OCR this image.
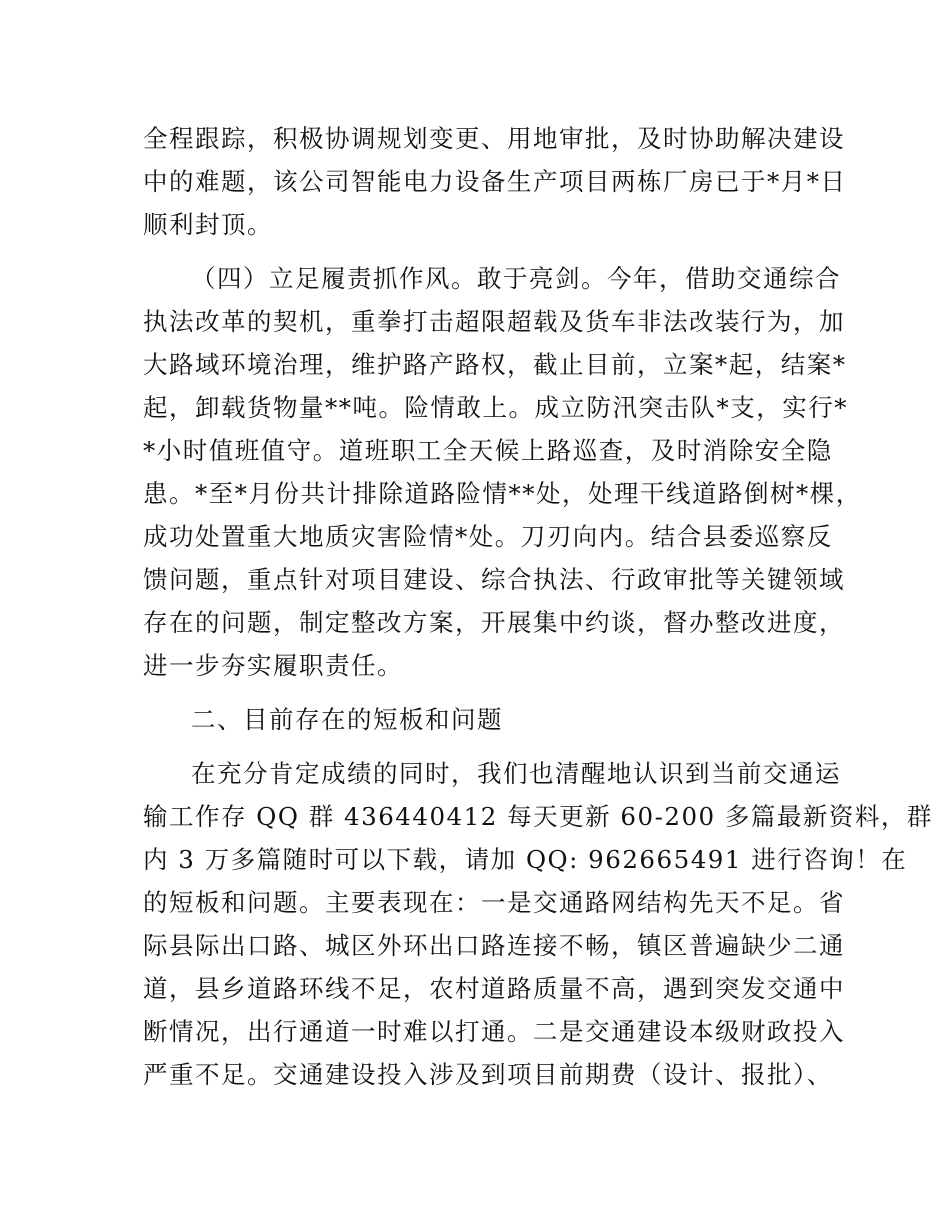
全程跟踪，积极协调规划变更、用地审批，及时协助解决建设
中的难题，该公司智能电力设备生产项目两栋厂房已于*月*日
顺利封顶。
（四）立足履责抓作风。敢于亮剑。今年，借助交通综合
执法改革的契机，重拳打击超限超载及货车非法改装行为，加
大路域环境治理，维护路产路权，截止目前，立案*起，结案*
起，卸载货物量**吨。险情敢上。成立防汛突击队*支，实行*
*小时值班值守。道班职工全天候上路巡查，及时消除安全隐
患。*至*月份共计排除道路险情**处，处理干线道路倒树*棵，
成功处置重大地质灾害险情*处。刀刃向内。结合县委巡察反
馈问题，重点针对项目建设、综合执法、行政审批等关键领域
存在的问题，制定整改方案，开展集中约谈，督办整改进度，
进一步夯实履职责任。
二、目前存在的短板和问题
在充分肯定成绩的同时，我们也清醒地认识到当前交通运
输工作存 QQ 群 436440412 每天更新 60-200 多篇最新资料，群
内 3 万多篇随时可以下载，请加 QQ: 962665491 进行咨询！在
的短板和问题。主要表现在：一是交通路网结构先天不足。省
际县际出口路、城区外环出口路连接不畅，镇区普遍缺少二通
道，县乡道路环线不足，农村道路质量不高，遇到突发交通中
断情况，出行通道一时难以打通。二是交通建设本级财政投入
严重不足。交通建设投入涉及到项目前期费（设计、报批）、
